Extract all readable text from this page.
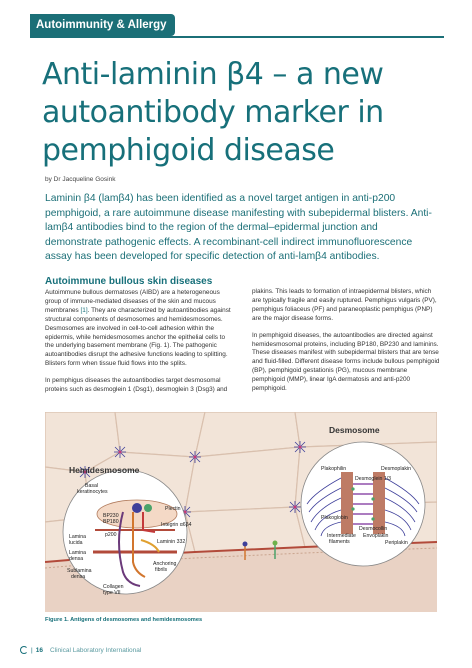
Autoimmunity & Allergy
Anti-laminin β4 – a new autoantibody marker in pemphigoid disease
by Dr Jacqueline Gosink

Laminin β4 (lamβ4) has been identified as a novel target antigen in anti-p200 pemphigoid, a rare autoimmune disease manifesting with subepidermal blisters. Anti-lamβ4 antibodies bind to the region of the dermal–epidermal junction and demonstrate pathogenic effects. A recombinant-cell indirect immunofluorescence assay has been developed for specific detection of anti-lamβ4 antibodies.

Autoimmune bullous skin diseases

Autoimmune bullous dermatoses (AIBD) are a heterogeneous group of immune-mediated diseases of the skin and mucous membranes [1]. They are characterized by autoantibodies against structural components of desmosomes and hemidesmosomes. Desmosomes are involved in cell-to-cell adhesion within the epidermis, while hemidesmosomes anchor the epithelial cells to the underlying basement membrane (Fig. 1). The pathogenic autoantibodies disrupt the adhesive functions leading to splitting. Blisters form when tissue fluid flows into the splits.

In pemphigus diseases the autoantibodies target desmosomal proteins such as desmoglein 1 (Dsg1), desmoglein 3 (Dsg3) and

plakins. This leads to formation of intraepidermal blisters, which are typically fragile and easily ruptured. Pemphigus vulgaris (PV), pemphigus foliaceus (PF) and paraneoplastic pemphigus (PNP) are the major disease forms.

In pemphigoid diseases, the autoantibodies are directed against hemidesmosomal proteins, including BP180, BP230 and laminins. These diseases manifest with subepidermal blisters that are tense and fluid-filled. Different disease forms include bullous pemphigoid (BP), pemphigoid gestationis (PG), mucous membrane pemphigoid (MMP), linear IgA dermatosis and anti-p200 pemphigoid.

Hemidesmosome
Basal
keratinocytes
Plectin
BP230
BP180	Integrin α6β4
p200
Lamina
lucida	Laminin 332
Lamina
densa
Anchoring
fibrils
Sublamina
densa
Collagen
type VII
Desmosome
Plakophilin	Desmoplakin
Desmoglein 1/3
Plakoglobin
Desmocollin
Envoplakin
Periplakin
Intermediate
filaments
Figure 1. Antigens of desmosomes and hemidesmosomes
| 16 Clinical Laboratory International
